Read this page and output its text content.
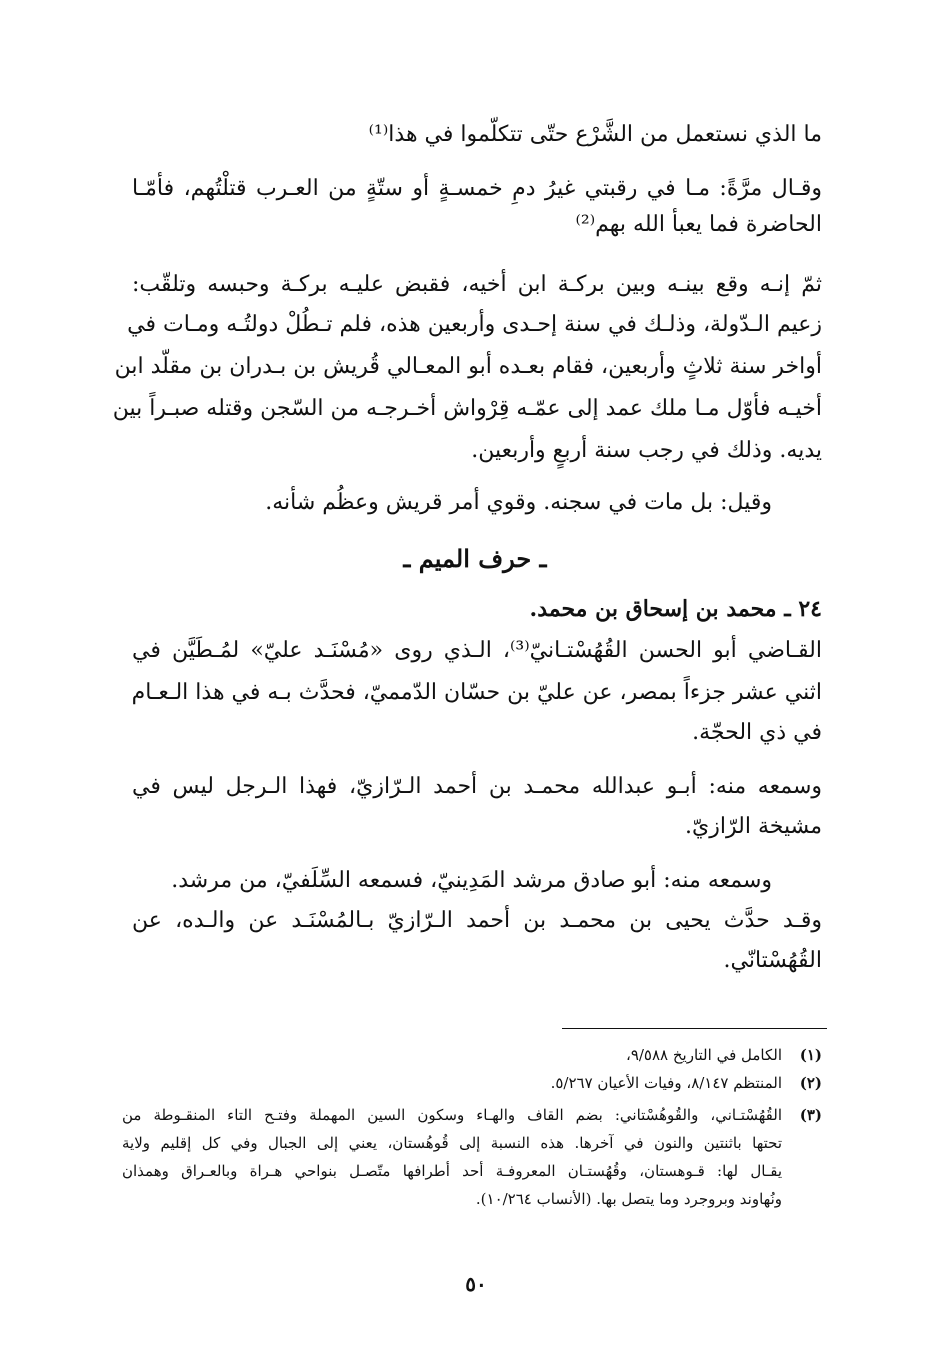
ما الذي نستعمل من الشَّرْع حتّى تتكلّموا في هذا⁽¹⁾
وقـال مرَّةً: مـا في رقبتي غيرُ دمِ خمسـةٍ أو ستّةٍ من العـرب قتلْتُهم، فأمّـا
الحاضرة فما يعبأ الله بهم⁽²⁾
ثمّ إنـه وقع بينـه وبين بركـة ابن أخيه، فقبض عليـه بركـة وحبسه وتلقّب:
زعيم الـدّولة، وذلـك في سنة إحـدى وأربعين هذه، فلم تـطُلْ دولتُـه ومـات في
أواخر سنة ثلاثٍ وأربعين، فقام بعـده أبو المعـالي قُريش بن بـدران بن مقلّد ابن
أخيـه فأوّل مـا ملك عمد إلى عمّـه قِرْواش أخـرجـه من السّجن وقتله صبـراً بين
يديه. وذلك في رجب سنة أربعٍ وأربعين.
وقيل: بل مات في سجنه. وقوي أمر قريش وعظُم شأنه.
ـ حرف الميم ـ
٢٤ ـ محمد بن إسحاق بن محمد.
القـاضي أبو الحسن القُهُسْتـانيّ⁽³⁾، الـذي روى «مُسْنَـد عليّ» لمُـطَيَّن في
اثني عشر جزءاً بمصر، عن عليّ بن حسّان الدّمميّ، فحدَّث بـه في هذا الـعـام
في ذي الحجّة.
وسمعه منه: أبـو عبدالله محمـد بن أحمد الـرّازيّ، فهذا الـرجل ليس في
مشيخة الرّازيّ.
وسمعه منه: أبو صادق مرشد المَدِينيّ، فسمعه السِّلَفيّ، من مرشد.
وقـد حدَّث يحيى بن محمـد بن أحمد الـرّازيّ بـالمُسْنَـد عن والـده، عن
القُهُسْتانّي.
(١)
الكامل في التاريخ ٩/٥٨٨،
(٢)
المنتظم ٨/١٤٧، وفيات الأعيان ٥/٢٦٧.
(٣)
القُهُسْتـاني، والقُوهُسْتاني: بضم القاف والهـاء وسكون السين المهملة وفتـح التاء المنقـوطة من
تحتها باثنتين والنون في آخرها. هذه النسبة إلى قُوهُستان، يعني إلى الجبال وفي كل إقليم ولاية
يقـال لها: قـوهستان، وقُهُستـان المعروفـة أحد أطرافها متّصـل بنواحي هـراة وبالعـراق وهمذان
ونُهاوند وبروجرد وما يتصل بها. (الأنساب ١٠/٢٦٤).
٥٠
